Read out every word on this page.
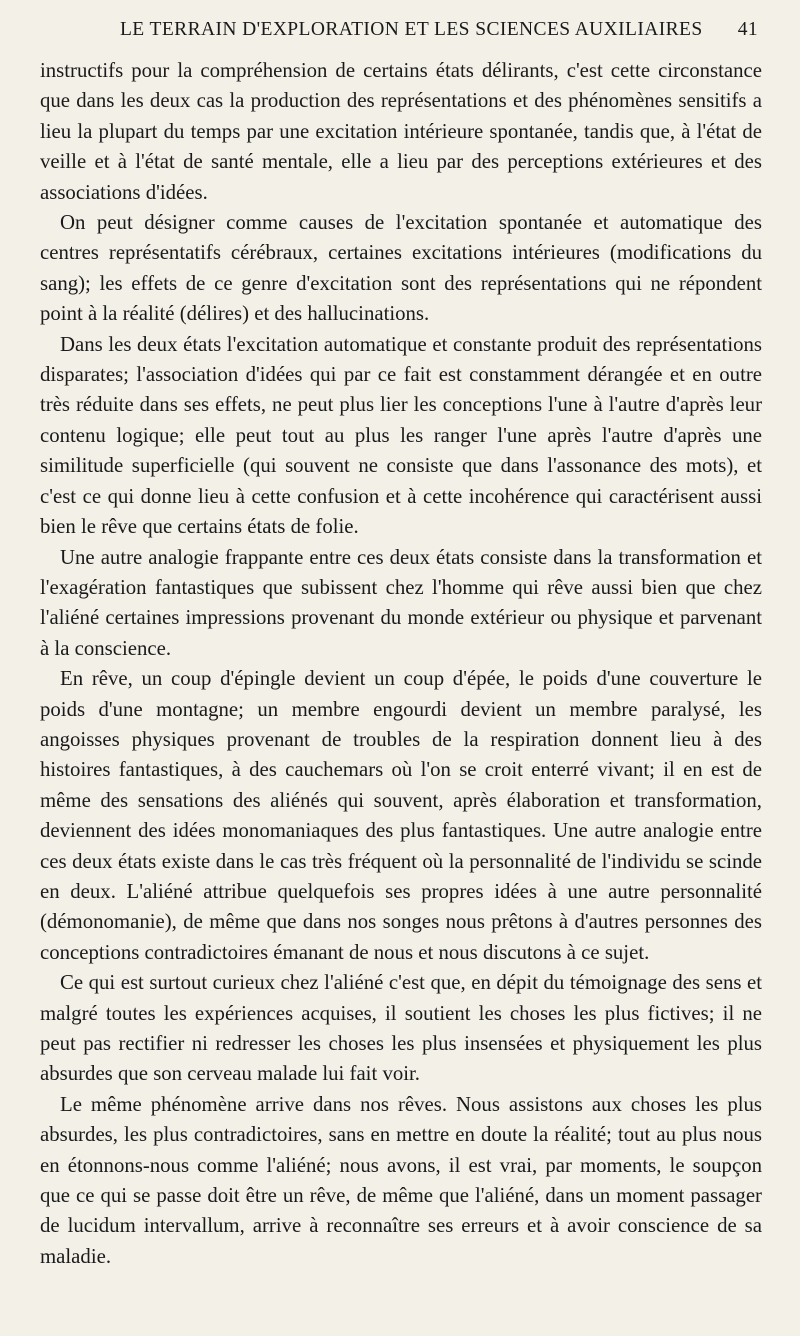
LE TERRAIN D'EXPLORATION ET LES SCIENCES AUXILIAIRES 41

instructifs pour la compréhension de certains états délirants, c'est cette circonstance que dans les deux cas la production des représentations et des phénomènes sensitifs a lieu la plupart du temps par une excitation intérieure spontanée, tandis que, à l'état de veille et à l'état de santé mentale, elle a lieu par des perceptions extérieures et des associations d'idées.

On peut désigner comme causes de l'excitation spontanée et automatique des centres représentatifs cérébraux, certaines excitations intérieures (modifications du sang); les effets de ce genre d'excitation sont des représentations qui ne répondent point à la réalité (délires) et des hallucinations.

Dans les deux états l'excitation automatique et constante produit des représentations disparates; l'association d'idées qui par ce fait est constamment dérangée et en outre très réduite dans ses effets, ne peut plus lier les conceptions l'une à l'autre d'après leur contenu logique; elle peut tout au plus les ranger l'une après l'autre d'après une similitude superficielle (qui souvent ne consiste que dans l'assonance des mots), et c'est ce qui donne lieu à cette confusion et à cette incohérence qui caractérisent aussi bien le rêve que certains états de folie.

Une autre analogie frappante entre ces deux états consiste dans la transformation et l'exagération fantastiques que subissent chez l'homme qui rêve aussi bien que chez l'aliéné certaines impressions provenant du monde extérieur ou physique et parvenant à la conscience.

En rêve, un coup d'épingle devient un coup d'épée, le poids d'une couverture le poids d'une montagne; un membre engourdi devient un membre paralysé, les angoisses physiques provenant de troubles de la respiration donnent lieu à des histoires fantastiques, à des cauchemars où l'on se croit enterré vivant; il en est de même des sensations des aliénés qui souvent, après élaboration et transformation, deviennent des idées monomaniaques des plus fantastiques. Une autre analogie entre ces deux états existe dans le cas très fréquent où la personnalité de l'individu se scinde en deux. L'aliéné attribue quelquefois ses propres idées à une autre personnalité (démonomanie), de même que dans nos songes nous prêtons à d'autres personnes des conceptions contradictoires émanant de nous et nous discutons à ce sujet.

Ce qui est surtout curieux chez l'aliéné c'est que, en dépit du témoignage des sens et malgré toutes les expériences acquises, il soutient les choses les plus fictives; il ne peut pas rectifier ni redresser les choses les plus insensées et physiquement les plus absurdes que son cerveau malade lui fait voir.

Le même phénomène arrive dans nos rêves. Nous assistons aux choses les plus absurdes, les plus contradictoires, sans en mettre en doute la réalité; tout au plus nous en étonnons-nous comme l'aliéné; nous avons, il est vrai, par moments, le soupçon que ce qui se passe doit être un rêve, de même que l'aliéné, dans un moment passager de lucidum intervallum, arrive à reconnaître ses erreurs et à avoir conscience de sa maladie.
